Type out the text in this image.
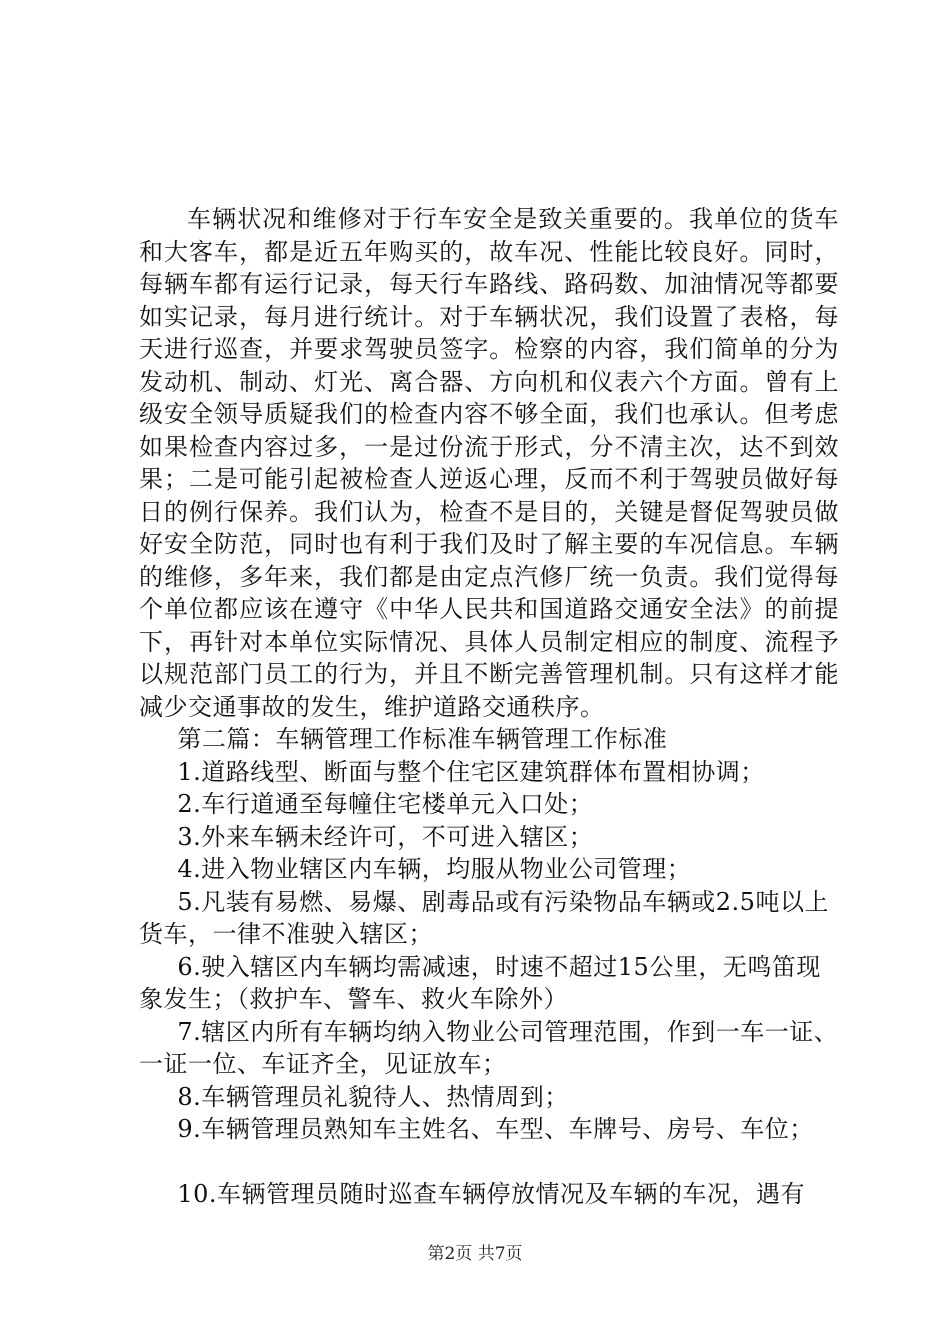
车辆状况和维修对于行车安全是致关重要的。我单位的货车和大客车，都是近五年购买的，故车况、性能比较良好。同时，每辆车都有运行记录，每天行车路线、路码数、加油情况等都要如实记录，每月进行统计。对于车辆状况，我们设置了表格，每天进行巡查，并要求驾驶员签字。检察的内容，我们简单的分为发动机、制动、灯光、离合器、方向机和仪表六个方面。曾有上级安全领导质疑我们的检查内容不够全面，我们也承认。但考虑如果检查内容过多，一是过份流于形式，分不清主次，达不到效果；二是可能引起被检查人逆返心理，反而不利于驾驶员做好每日的例行保养。我们认为，检查不是目的，关键是督促驾驶员做好安全防范，同时也有利于我们及时了解主要的车况信息。车辆的维修，多年来，我们都是由定点汽修厂统一负责。我们觉得每个单位都应该在遵守《中华人民共和国道路交通安全法》的前提下，再针对本单位实际情况、具体人员制定相应的制度、流程予以规范部门员工的行为，并且不断完善管理机制。只有这样才能减少交通事故的发生，维护道路交通秩序。

第二篇：车辆管理工作标准车辆管理工作标准

1.道路线型、断面与整个住宅区建筑群体布置相协调；

2.车行道通至每幢住宅楼单元入口处；

3.外来车辆未经许可，不可进入辖区；

4.进入物业辖区内车辆，均服从物业公司管理；

5.凡装有易燃、易爆、剧毒品或有污染物品车辆或2.5吨以上货车，一律不准驶入辖区；

6.驶入辖区内车辆均需减速，时速不超过15公里，无鸣笛现象发生；（救护车、警车、救火车除外）

7.辖区内所有车辆均纳入物业公司管理范围，作到一车一证、一证一位、车证齐全，见证放车；

8.车辆管理员礼貌待人、热情周到；

9.车辆管理员熟知车主姓名、车型、车牌号、房号、车位；

10.车辆管理员随时巡查车辆停放情况及车辆的车况，遇有

第2页 共7页
